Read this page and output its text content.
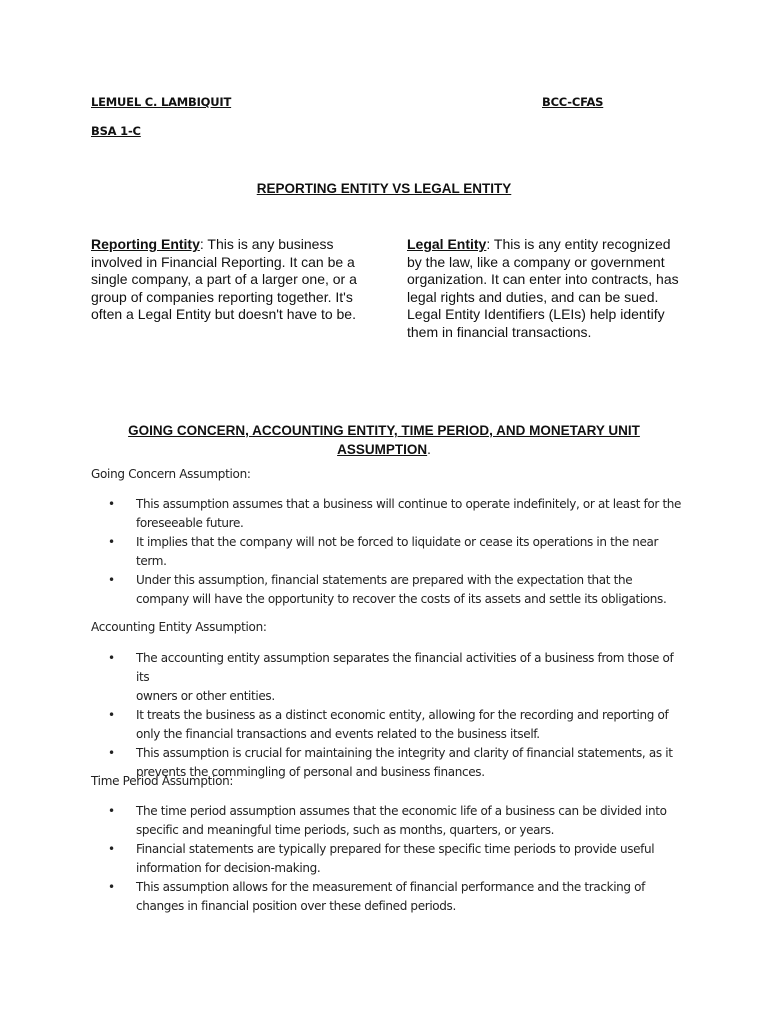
LEMUEL C. LAMBIQUIT	BCC-CFAS
BSA 1-C
REPORTING ENTITY VS LEGAL ENTITY
Reporting Entity: This is any business
involved in Financial Reporting. It can be a
single company, a part of a larger one, or a
group of companies reporting together. It's
often a Legal Entity but doesn't have to be.
Legal Entity: This is any entity recognized
by the law, like a company or government
organization. It can enter into contracts, has
legal rights and duties, and can be sued.
Legal Entity Identifiers (LEIs) help identify
them in financial transactions.
GOING CONCERN, ACCOUNTING ENTITY, TIME PERIOD, AND MONETARY UNIT
ASSUMPTION.
Going Concern Assumption:
• This assumption assumes that a business will continue to operate indefinitely, or at least for the
foreseeable future.
• It implies that the company will not be forced to liquidate or cease its operations in the near
term.
• Under this assumption, financial statements are prepared with the expectation that the
company will have the opportunity to recover the costs of its assets and settle its obligations.
Accounting Entity Assumption:
• The accounting entity assumption separates the financial activities of a business from those of its
owners or other entities.
• It treats the business as a distinct economic entity, allowing for the recording and reporting of
only the financial transactions and events related to the business itself.
• This assumption is crucial for maintaining the integrity and clarity of financial statements, as it
prevents the commingling of personal and business finances.
Time Period Assumption:
• The time period assumption assumes that the economic life of a business can be divided into
specific and meaningful time periods, such as months, quarters, or years.
• Financial statements are typically prepared for these specific time periods to provide useful
information for decision-making.
• This assumption allows for the measurement of financial performance and the tracking of
changes in financial position over these defined periods.
